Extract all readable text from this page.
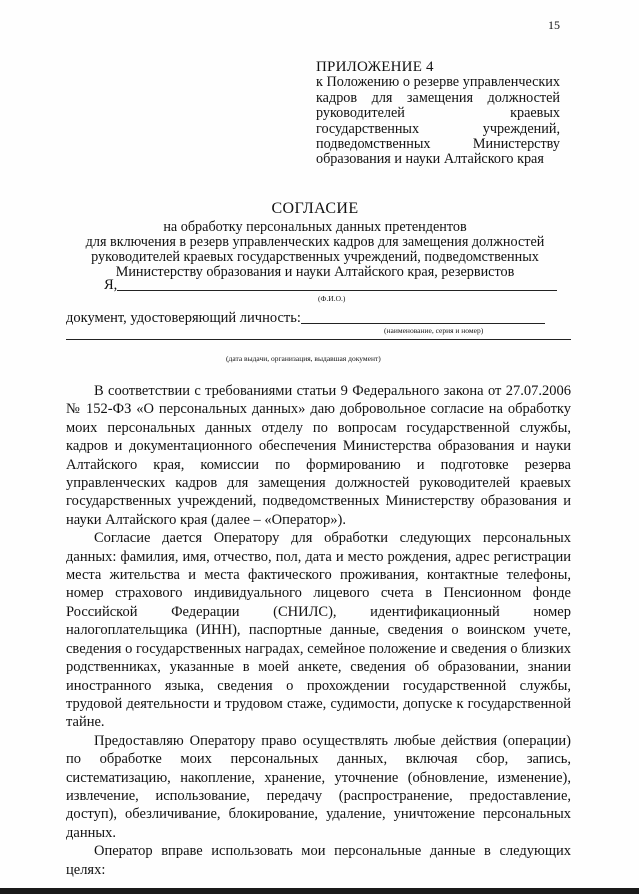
15
ПРИЛОЖЕНИЕ 4
к Положению о резерве управленческих кадров для замещения должностей руководителей краевых государственных учреждений, подведомственных Министерству образования и науки Алтайского края
СОГЛАСИЕ
на обработку персональных данных претендентов
для включения в резерв управленческих кадров для замещения должностей
руководителей краевых государственных учреждений, подведомственных
Министерству образования и науки Алтайского края, резервистов
Я,
(Ф.И.О.)
документ, удостоверяющий личность:
(наименование, серия и номер)
(дата выдачи, организация, выдавшая документ)

В соответствии с требованиями статьи 9 Федерального закона от 27.07.2006 № 152-ФЗ «О персональных данных» даю добровольное согласие на обработку моих персональных данных отделу по вопросам государственной службы, кадров и документационного обеспечения Министерства образования и науки Алтайского края, комиссии по формированию и подготовке резерва управленческих кадров для замещения должностей руководителей краевых государственных учреждений, подведомственных Министерству образования и науки Алтайского края (далее – «Оператор»).

Согласие дается Оператору для обработки следующих персональных данных: фамилия, имя, отчество, пол, дата и место рождения, адрес регистрации места жительства и места фактического проживания, контактные телефоны, номер страхового индивидуального лицевого счета в Пенсионном фонде Российской Федерации (СНИЛС), идентификационный номер налогоплательщика (ИНН), паспортные данные, сведения о воинском учете, сведения о государственных наградах, семейное положение и сведения о близких родственниках, указанные в моей анкете, сведения об образовании, знании иностранного языка, сведения о прохождении государственной службы, трудовой деятельности и трудовом стаже, судимости, допуске к государственной тайне.

Предоставляю Оператору право осуществлять любые действия (операции) по обработке моих персональных данных, включая сбор, запись, систематизацию, накопление, хранение, уточнение (обновление, изменение), извлечение, использование, передачу (распространение, предоставление, доступ), обезличивание, блокирование, удаление, уничтожение персональных данных.

Оператор вправе использовать мои персональные данные в следующих целях:
